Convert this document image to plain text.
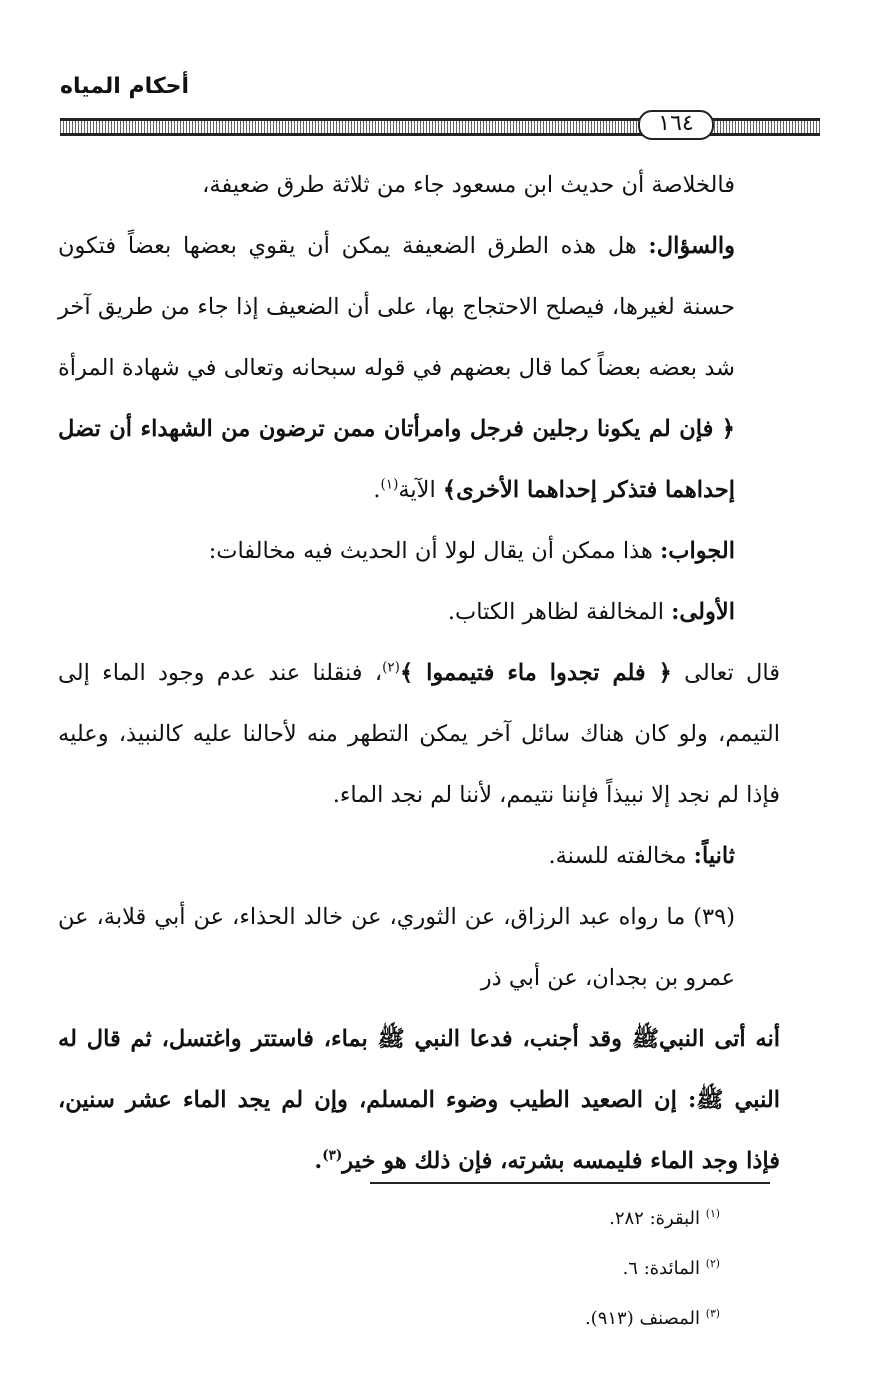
أحكام المياه
١٦٤

فالخلاصة أن حديث ابن مسعود جاء من ثلاثة طرق ضعيفة،

والسؤال: هل هذه الطرق الضعيفة يمكن أن يقوي بعضها بعضاً فتكون حسنة لغيرها، فيصلح الاحتجاج بها، على أن الضعيف إذا جاء من طريق آخر شد بعضه بعضاً كما قال بعضهم في قوله سبحانه وتعالى في شهادة المرأة ﴿ فإن لم يكونا رجلين فرجل وامرأتان ممن ترضون من الشهداء أن تضل إحداهما فتذكر إحداهما الأخرى﴾ الآية$^{(١)}$.

الجواب: هذا ممكن أن يقال لولا أن الحديث فيه مخالفات:

الأولى: المخالفة لظاهر الكتاب.

قال تعالى ﴿ فلم تجدوا ماء فتيمموا ﴾$^{(٢)}$، فنقلنا عند عدم وجود الماء إلى التيمم، ولو كان هناك سائل آخر يمكن التطهر منه لأحالنا عليه كالنبيذ، وعليه فإذا لم نجد إلا نبيذاً فإننا نتيمم، لأننا لم نجد الماء.

ثانياً: مخالفته للسنة.

(٣٩) ما رواه عبد الرزاق، عن الثوري، عن خالد الحذاء، عن أبي قلابة، عن عمرو بن بجدان، عن أبي ذر

أنه أتى النبيﷺ وقد أجنب، فدعا النبي ﷺ بماء، فاستتر واغتسل، ثم قال له النبي ﷺ: إن الصعيد الطيب وضوء المسلم، وإن لم يجد الماء عشر سنين، فإذا وجد الماء فليمسه بشرته، فإن ذلك هو خير$^{(٣)}$.

$^{(١)}$ البقرة: ٢٨٢.

$^{(٢)}$ المائدة: ٦.

$^{(٣)}$ المصنف (٩١٣).
